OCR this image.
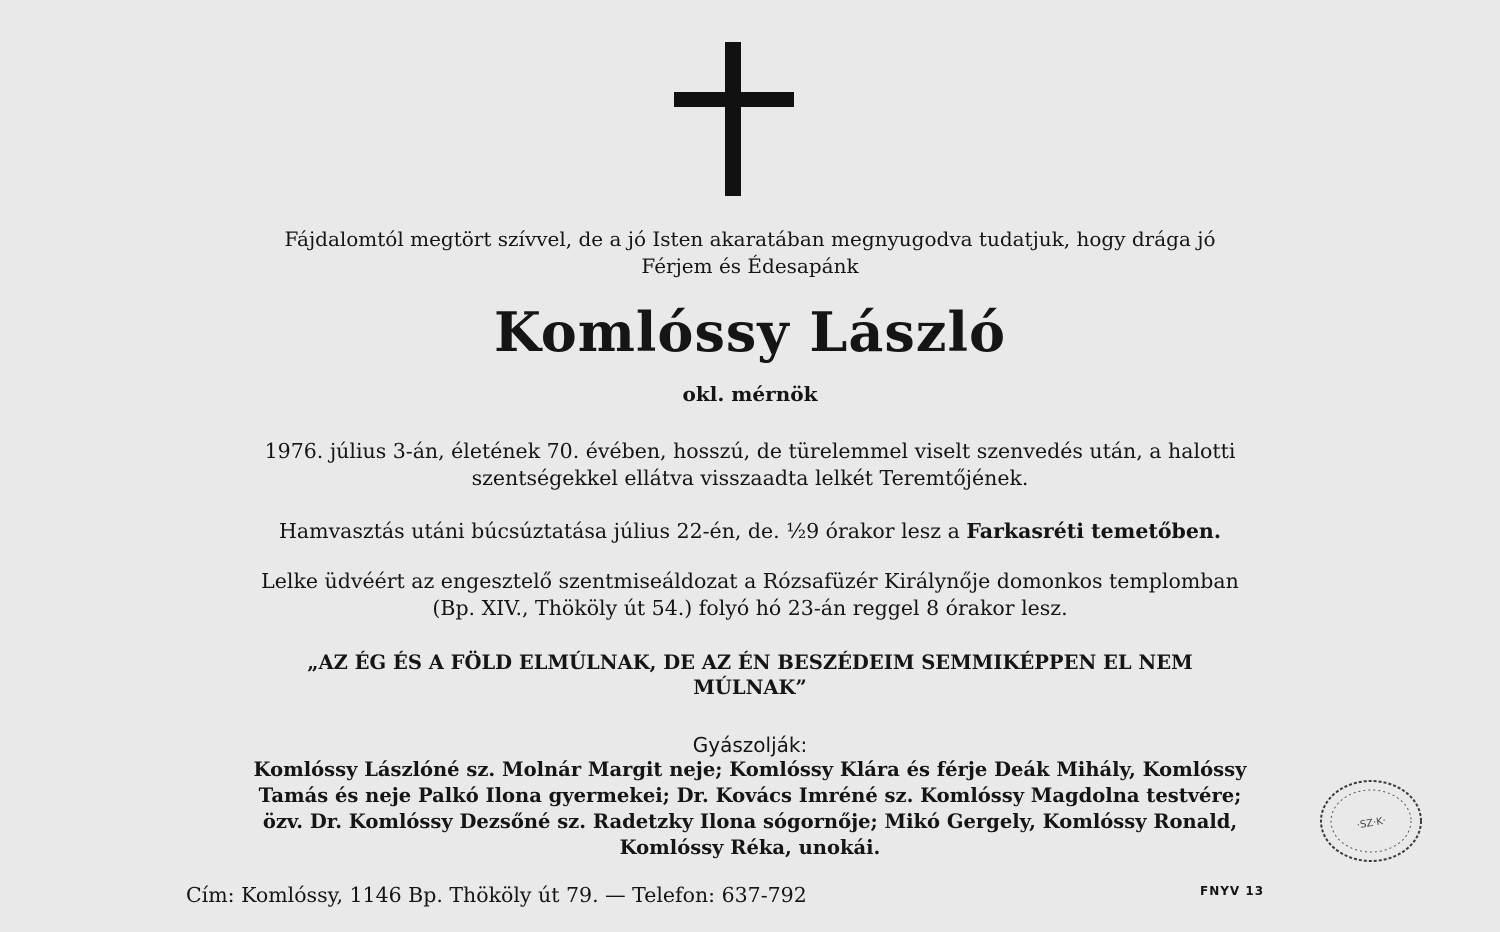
Fájdalomtól megtört szívvel, de a jó Isten akaratában megnyugodva tudatjuk, hogy drága jó
Férjem és Édesapánk
Komlóssy László
okl. mérnök
1976. július 3-án, életének 70. évében, hosszú, de türelemmel viselt szenvedés után, a halotti
szentségekkel ellátva visszaadta lelkét Teremtőjének.
Hamvasztás utáni búcsúztatása július 22-én, de. ½9 órakor lesz a Farkasréti temetőben.
Lelke üdvéért az engesztelő szentmiseáldozat a Rózsafüzér Királynője domonkos templomban
(Bp. XIV., Thököly út 54.) folyó hó 23-án reggel 8 órakor lesz.
„AZ ÉG ÉS A FÖLD ELMÚLNAK, DE AZ ÉN BESZÉDEIM SEMMIKÉPPEN EL NEM
MÚLNAK”
Gyászolják:
Komlóssy Lászlóné sz. Molnár Margit neje; Komlóssy Klára és férje Deák Mihály, Komlóssy
Tamás és neje Palkó Ilona gyermekei; Dr. Kovács Imréné sz. Komlóssy Magdolna testvére;
özv. Dr. Komlóssy Dezsőné sz. Radetzky Ilona sógornője; Mikó Gergely, Komlóssy Ronald,
Komlóssy Réka, unokái.
Cím: Komlóssy, 1146 Bp. Thököly út 79. — Telefon: 637-792	FNYV 13
·SZ·K·
